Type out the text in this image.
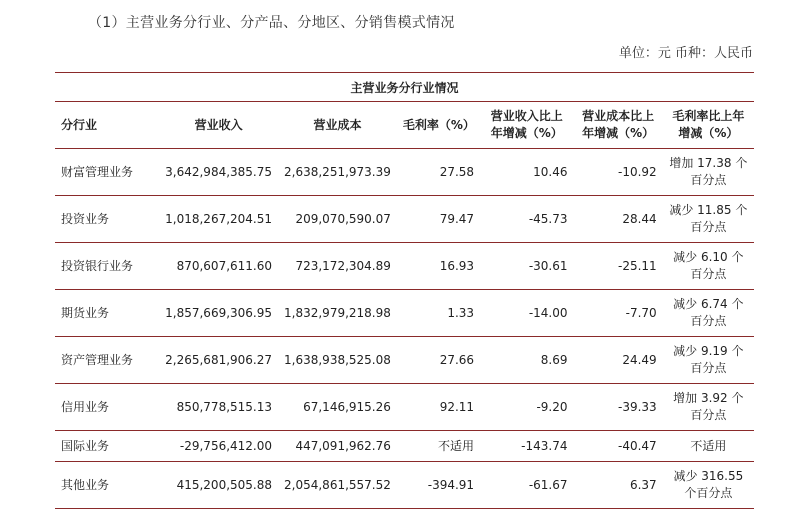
（1）主营业务分行业、分产品、分地区、分销售模式情况
单位：元 币种：人民币
主营业务分行业情况						
分行业	营业收入	营业成本	毛利率（%）	营业收入比上年增减（%）	营业成本比上年增减（%）	毛利率比上年增减（%）
财富管理业务	3,642,984,385.75	2,638,251,973.39	27.58	10.46	-10.92	增加 17.38 个百分点
投资业务	1,018,267,204.51	209,070,590.07	79.47	-45.73	28.44	减少 11.85 个百分点
投资银行业务	870,607,611.60	723,172,304.89	16.93	-30.61	-25.11	减少 6.10 个百分点
期货业务	1,857,669,306.95	1,832,979,218.98	1.33	-14.00	-7.70	减少 6.74 个百分点
资产管理业务	2,265,681,906.27	1,638,938,525.08	27.66	8.69	24.49	减少 9.19 个百分点
信用业务	850,778,515.13	67,146,915.26	92.11	-9.20	-39.33	增加 3.92 个百分点
国际业务	-29,756,412.00	447,091,962.76	不适用	-143.74	-40.47	不适用
其他业务	415,200,505.88	2,054,861,557.52	-394.91	-61.67	6.37	减少 316.55 个百分点
